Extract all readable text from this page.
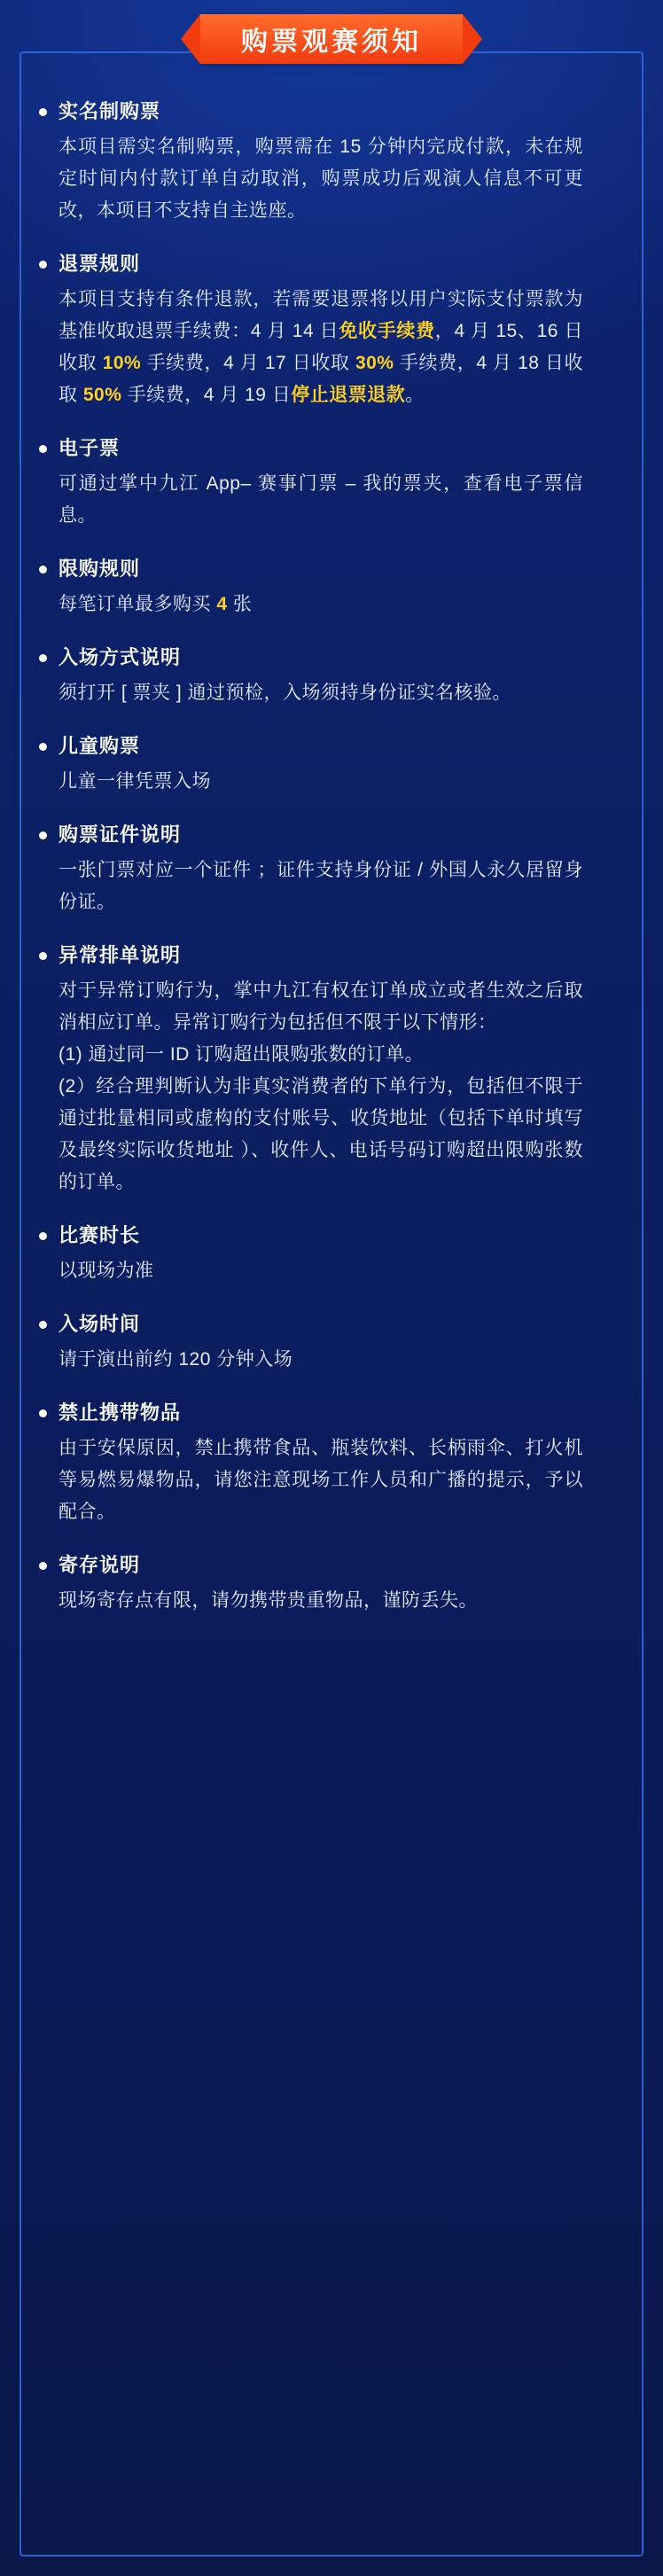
购票观赛须知
实名制购票

本项目需实名制购票，购票需在 15 分钟内完成付款，未在规定时间内付款订单自动取消，购票成功后观演人信息不可更改，本项目不支持自主选座。

退票规则

本项目支持有条件退款，若需要退票将以用户实际支付票款为基准收取退票手续费：4 月 14 日免收手续费，4 月 15、16 日收取 10% 手续费，4 月 17 日收取 30% 手续费，4 月 18 日收取 50% 手续费，4 月 19 日停止退票退款。

电子票

可通过掌中九江 App– 赛事门票 – 我的票夹，查看电子票信息。

限购规则

每笔订单最多购买 4 张

入场方式说明

须打开 [ 票夹 ] 通过预检，入场须持身份证实名核验。

儿童购票

儿童一律凭票入场

购票证件说明

一张门票对应一个证件 ；证件支持身份证 / 外国人永久居留身份证。

异常排单说明

对于异常订购行为，掌中九江有权在订单成立或者生效之后取消相应订单。异常订购行为包括但不限于以下情形：

(1) 通过同一 ID 订购超出限购张数的订单。

(2）经合理判断认为非真实消费者的下单行为，包括但不限于通过批量相同或虚构的支付账号、收货地址（包括下单时填写及最终实际收货地址 ）、收件人、电话号码订购超出限购张数的订单。

比赛时长

以现场为准

入场时间

请于演出前约 120 分钟入场

禁止携带物品

由于安保原因，禁止携带食品、瓶装饮料、长柄雨伞、打火机等易燃易爆物品，请您注意现场工作人员和广播的提示，予以配合。

寄存说明

现场寄存点有限，请勿携带贵重物品，谨防丢失。
